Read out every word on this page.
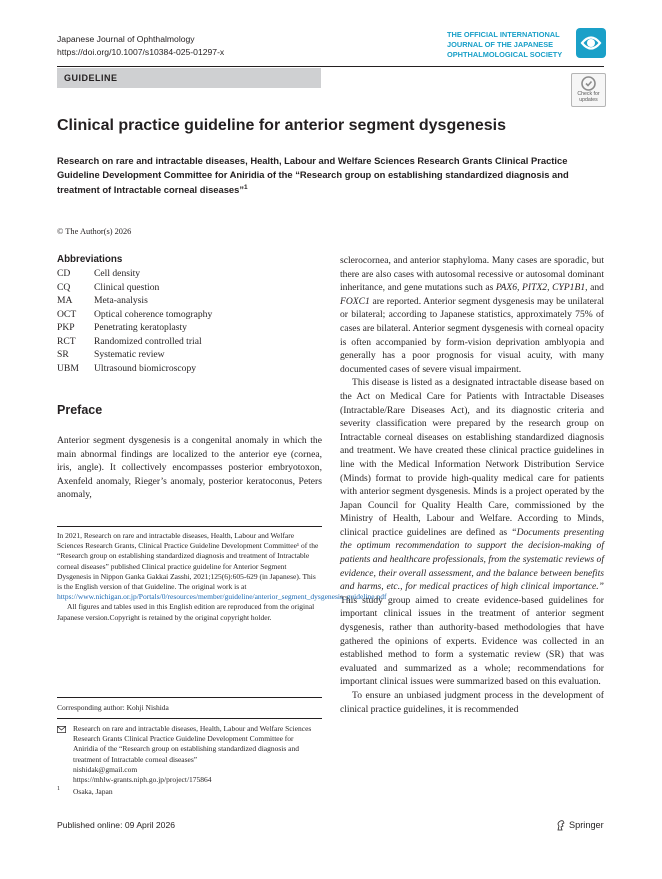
Japanese Journal of Ophthalmology
https://doi.org/10.1007/s10384-025-01297-x
THE OFFICIAL INTERNATIONAL
JOURNAL OF THE JAPANESE
OPHTHALMOLOGICAL SOCIETY
GUIDELINE
Check for
updates
Clinical practice guideline for anterior segment dysgenesis
Research on rare and intractable diseases, Health, Labour and Welfare Sciences Research Grants Clinical Practice Guideline Development Committee for Aniridia of the “Research group on establishing standardized diagnosis and treatment of Intractable corneal diseases”$^1$
© The Author(s) 2026
Abbreviations
CD Cell density
CQ Clinical question
MA Meta-analysis
OCT Optical coherence tomography
PKP Penetrating keratoplasty
RCT Randomized controlled trial
SR	Systematic review
UBM Ultrasound biomicroscopy
Preface
Anterior segment dysgenesis is a congenital anomaly in which the main abnormal findings are localized to the anterior eye (cornea, iris, angle). It collectively encompasses posterior embryotoxon, Axenfeld anomaly, Rieger’s anomaly, posterior keratoconus, Peters anomaly,
In 2021, Research on rare and intractable diseases, Health, Labour and Welfare Sciences Research Grants, Clinical Practice Guideline Development Committee¹ of the “Research group on establishing standardized diagnosis and treatment of Intractable corneal diseases” published Clinical practice guideline for Anterior Segment Dysgenesis in Nippon Ganka Gakkai Zasshi, 2021;125(6):605-629 (in Japanese). This is the English version of that Guideline. The original work is at https://www.nichigan.or.jp/Portals/0/resources/member/guideline/anterior_segment_dysgenesis_guideline.pdf
All figures and tables used in this English edition are reproduced from the original Japanese version.Copyright is retained by the original copyright holder.
Corresponding author: Kohji Nishida
Research on rare and intractable diseases, Health, Labour and Welfare Sciences Research Grants Clinical Practice Guideline Development Committee for Aniridia of the “Research group on establishing standardized diagnosis and treatment of Intractable corneal diseases”
nishidak@gmail.com
https://mhlw-grants.niph.go.jp/project/175864
1 Osaka, Japan

sclerocornea, and anterior staphyloma. Many cases are sporadic, but there are also cases with autosomal recessive or autosomal dominant inheritance, and gene mutations such as PAX6, PITX2, CYP1B1, and FOXC1 are reported. Anterior segment dysgenesis may be unilateral or bilateral; according to Japanese statistics, approximately 75% of cases are bilateral. Anterior segment dysgenesis with corneal opacity is often accompanied by form-vision deprivation amblyopia and generally has a poor prognosis for visual acuity, with many documented cases of severe visual impairment.

This disease is listed as a designated intractable disease based on the Act on Medical Care for Patients with Intractable Diseases (Intractable/Rare Diseases Act), and its diagnostic criteria and severity classification were prepared by the research group on Intractable corneal diseases on establishing standardized diagnosis and treatment. We have created these clinical practice guidelines in line with the Medical Information Network Distribution Service (Minds) format to provide high-quality medical care for patients with anterior segment dysgenesis. Minds is a project operated by the Japan Council for Quality Health Care, commissioned by the Ministry of Health, Labour and Welfare. According to Minds, clinical practice guidelines are defined as “Documents presenting the optimum recommendation to support the decision-making of patients and healthcare professionals, from the systematic reviews of evidence, their overall assessment, and the balance between benefits and harms, etc., for medical practices of high clinical importance.” This study group aimed to create evidence-based guidelines for important clinical issues in the treatment of anterior segment dysgenesis, rather than authority-based methodologies that have gathered the opinions of experts. Evidence was collected in an established method to form a systematic review (SR) that was evaluated and summarized as a whole; recommendations for important clinical issues were summarized based on this evaluation.

To ensure an unbiased judgment process in the development of clinical practice guidelines, it is recommended

Published online: 09 April 2026	Springer
